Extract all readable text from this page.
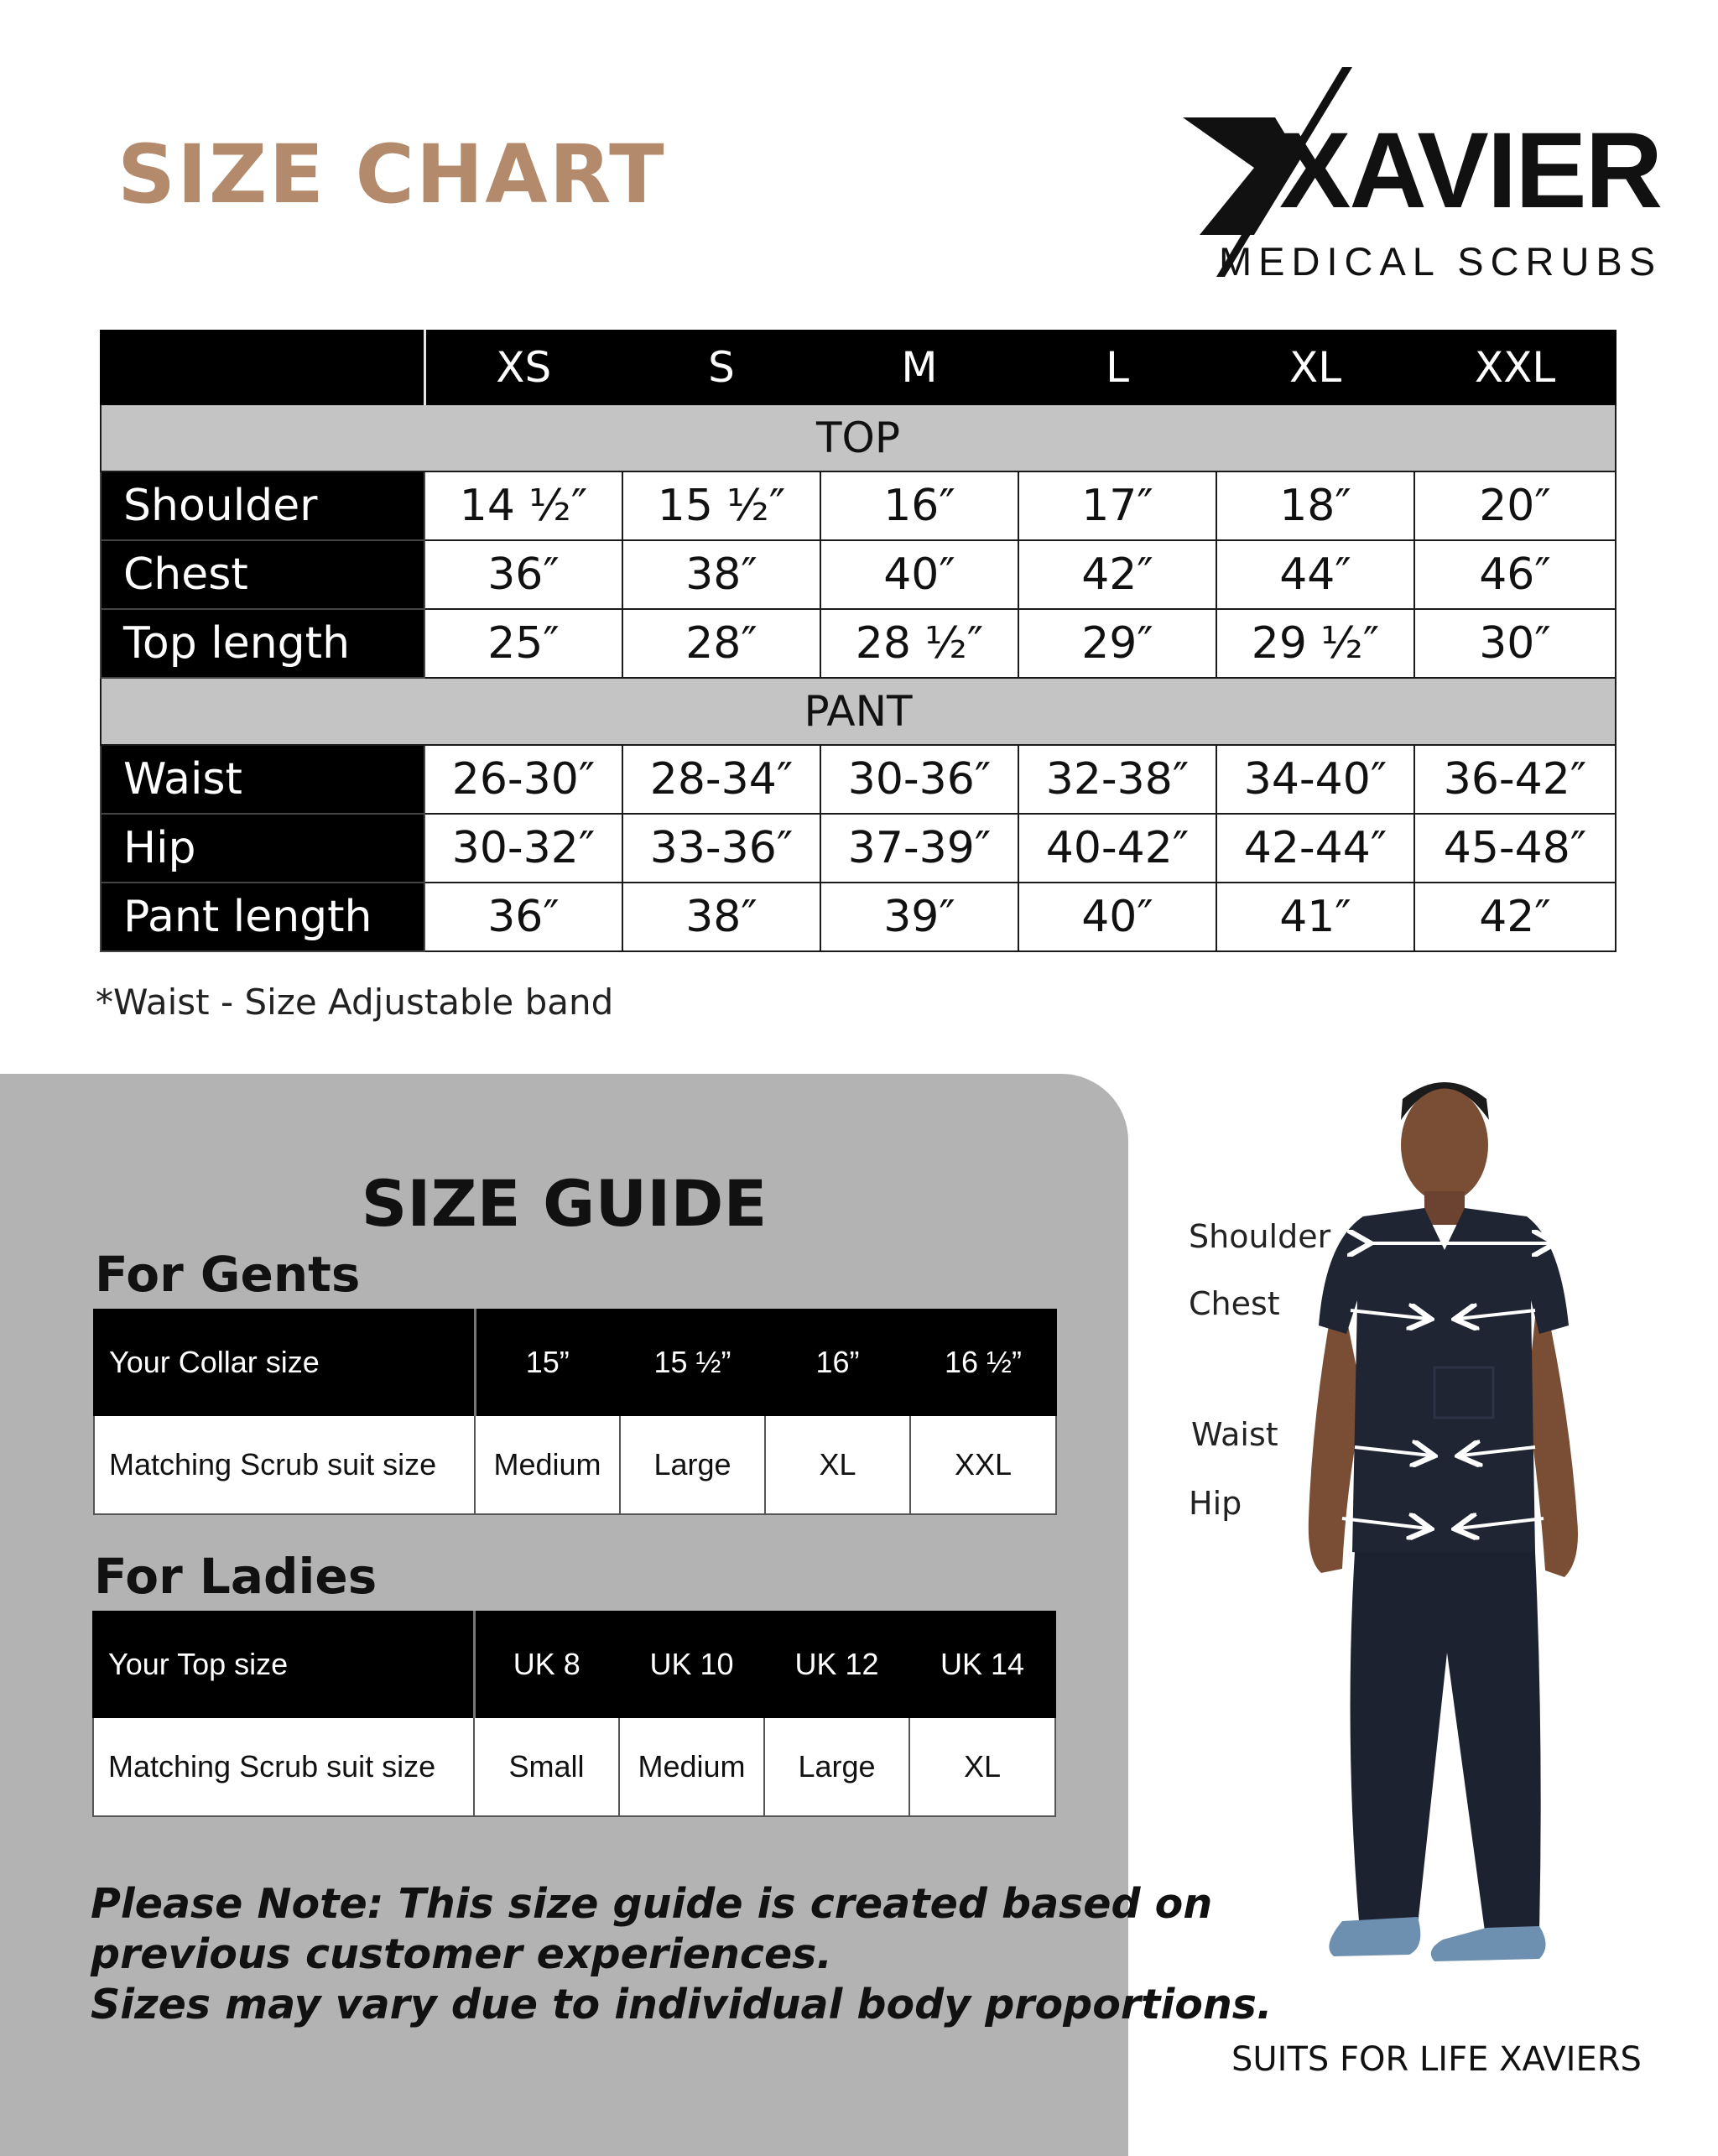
SIZE CHART	XAVIER
MEDICAL SCRUBS
	XS	S	M	L	XL	XXL
TOP						
Shoulder	14 ½″	15 ½″	16″	17″	18″	20″
Chest	36″	38″	40″	42″	44″	46″
Top length	25″	28″	28 ½″	29″	29 ½″	30″
PANT						
Waist	26-30″	28-34″	30-36″	32-38″	34-40″	36-42″
Hip	30-32″	33-36″	37-39″	40-42″	42-44″	45-48″
Pant length	36″	38″	39″	40″	41″	42″
*Waist - Size Adjustable band
SIZE GUIDE
For Gents
Your Collar size	15”	15 ½”	16”	16 ½”
Matching Scrub suit size	Medium	Large	XL	XXL
For Ladies
Your Top size	UK 8	UK 10	UK 12	UK 14
Matching Scrub suit size	Small	Medium	Large	XL
Please Note: This size guide is created based on
previous customer experiences.
Sizes may vary due to individual body proportions.
Shoulder
Chest
Waist
Hip
SUITS FOR LIFE XAVIERS
